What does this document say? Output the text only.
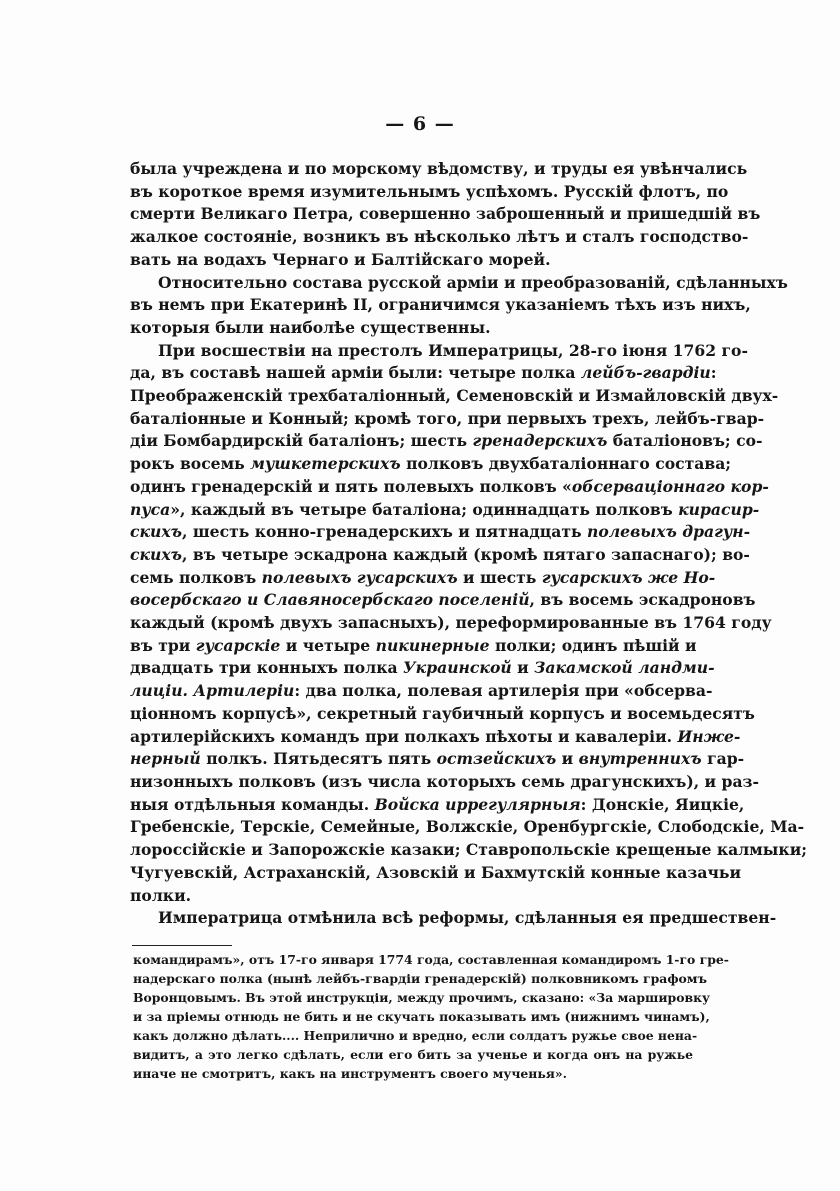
— 6 —
была учреждена и по морскому вѣдомству, и труды ея увѣнчались
въ короткое время изумительнымъ успѣхомъ. Русскій флотъ, по
смерти Великаго Петра, совершенно заброшенный и пришедшій въ
жалкое состояніе, возникъ въ нѣсколько лѣтъ и сталъ господство-
вать на водахъ Чернаго и Балтійскаго морей.
Относительно состава русской арміи и преобразованій, сдѣланныхъ
въ немъ при Екатеринѣ II, ограничимся указаніемъ тѣхъ изъ нихъ,
которыя были наиболѣе существенны.
При восшествіи на престолъ Императрицы, 28-го іюня 1762 го-
да, въ составѣ нашей арміи были: четыре полка лейбъ-гвардіи:
Преображенскій трехбаталіонный, Семеновскій и Измайловскій двух-
баталіонные и Конный; кромѣ того, при первыхъ трехъ, лейбъ-гвар-
діи Бомбардирскій баталіонъ; шесть гренадерскихъ баталіоновъ; со-
рокъ восемь мушкетерскихъ полковъ двухбаталіоннаго состава;
одинъ гренадерскій и пять полевыхъ полковъ «обсерваціоннаго кор-
пуса», каждый въ четыре баталіона; одиннадцать полковъ кирасир-
скихъ, шесть конно-гренадерскихъ и пятнадцать полевыхъ драгун-
скихъ, въ четыре эскадрона каждый (кромѣ пятаго запаснаго); во-
семь полковъ полевыхъ гусарскихъ и шесть гусарскихъ же Но-
восербскаго и Славяносербскаго поселеній, въ восемь эскадроновъ
каждый (кромѣ двухъ запасныхъ), переформированные въ 1764 году
въ три гусарскіе и четыре пикинерные полки; одинъ пѣшій и
двадцать три конныхъ полка Украинской и Закамской ландми-
лиціи. Артилеріи: два полка, полевая артилерія при «обсерва-
ціонномъ корпусѣ», секретный гаубичный корпусъ и восемьдесятъ
артилерійскихъ командъ при полкахъ пѣхоты и кавалеріи. Инже-
нерный полкъ. Пятьдесятъ пять остзейскихъ и внутреннихъ гар-
низонныхъ полковъ (изъ числа которыхъ семь драгунскихъ), и раз-
ныя отдѣльныя команды. Войска иррегулярныя: Донскіе, Яицкіе,
Гребенскіе, Терскіе, Семейные, Волжскіе, Оренбургскіе, Слободскіе, Ма-
лороссійскіе и Запорожскіе казаки; Ставропольскіе крещеные калмыки;
Чугуевскій, Астраханскій, Азовскій и Бахмутскій конные казачьи
полки.
Императрица отмѣнила всѣ реформы, сдѣланныя ея предшествен-
командирамъ», отъ 17-го января 1774 года, составленная командиромъ 1-го гре-
надерскаго полка (нынѣ лейбъ-гвардіи гренадерскій) полковникомъ графомъ
Воронцовымъ. Въ этой инструкціи, между прочимъ, сказано: «За маршировку
и за пріемы отнюдь не бить и не скучать показывать имъ (нижнимъ чинамъ),
какъ должно дѣлать.... Неприлично и вредно, если солдатъ ружье свое нена-
видитъ, а это легко сдѣлать, если его бить за ученье и когда онъ на ружье
иначе не смотритъ, какъ на инструментъ своего мученья».
